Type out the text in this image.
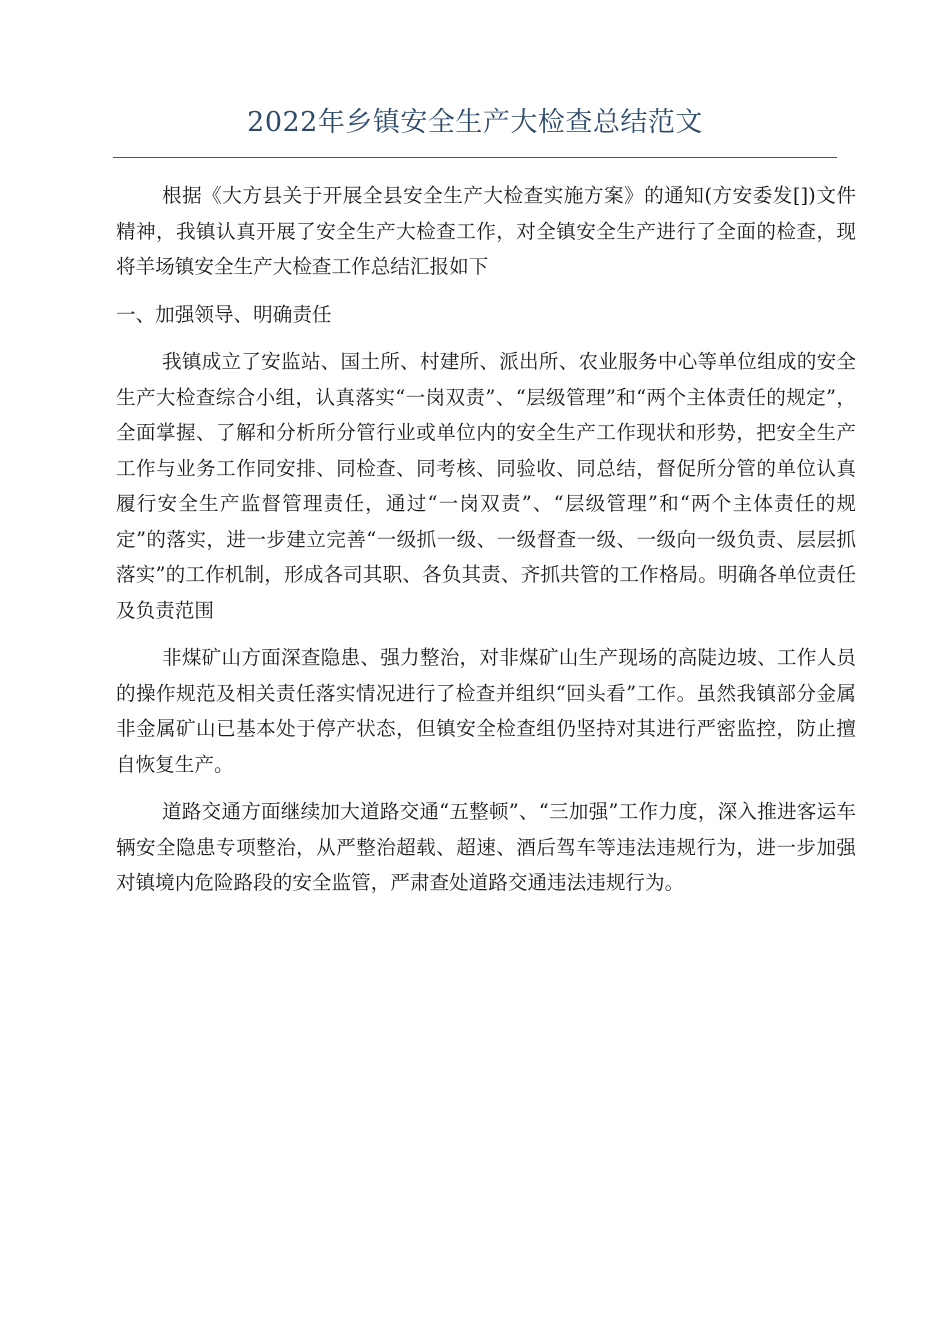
2022年乡镇安全生产大检查总结范文

根据《大方县关于开展全县安全生产大检查实施方案》的通知(方安委发[])文件精神，我镇认真开展了安全生产大检查工作，对全镇安全生产进行了全面的检查，现将羊场镇安全生产大检查工作总结汇报如下

一、加强领导、明确责任

我镇成立了安监站、国土所、村建所、派出所、农业服务中心等单位组成的安全生产大检查综合小组，认真落实“一岗双责”、“层级管理”和“两个主体责任的规定”，全面掌握、了解和分析所分管行业或单位内的安全生产工作现状和形势，把安全生产工作与业务工作同安排、同检查、同考核、同验收、同总结，督促所分管的单位认真履行安全生产监督管理责任，通过“一岗双责”、“层级管理”和“两个主体责任的规定”的落实，进一步建立完善“一级抓一级、一级督查一级、一级向一级负责、层层抓落实”的工作机制，形成各司其职、各负其责、齐抓共管的工作格局。明确各单位责任及负责范围

非煤矿山方面深查隐患、强力整治，对非煤矿山生产现场的高陡边坡、工作人员的操作规范及相关责任落实情况进行了检查并组织“回头看”工作。虽然我镇部分金属非金属矿山已基本处于停产状态，但镇安全检查组仍坚持对其进行严密监控，防止擅自恢复生产。

道路交通方面继续加大道路交通“五整顿”、“三加强”工作力度，深入推进客运车辆安全隐患专项整治，从严整治超载、超速、酒后驾车等违法违规行为，进一步加强对镇境内危险路段的安全监管，严肃查处道路交通违法违规行为。
